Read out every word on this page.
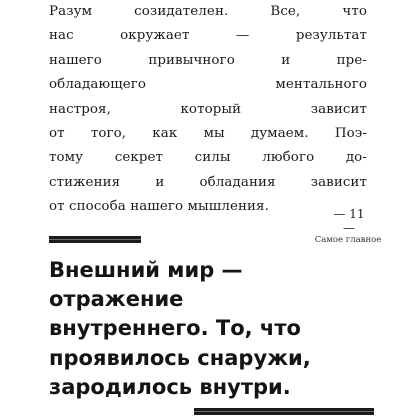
Разум	созидателен.	Все,	что
нас	окружает	—	результат
нашего	привычного	и	пре-
обладающего	ментального
настроя,	который	зависит
от того, как мы думаем. Поэ-
тому секрет силы любого до-
стижения	и	обладания	зависит
от
способа
нашего
мышления.	— 11 —
Самое главное
Внешний мир —
отражение
внутреннего. То, что
проявилось снаружи,
зародилось внутри.
